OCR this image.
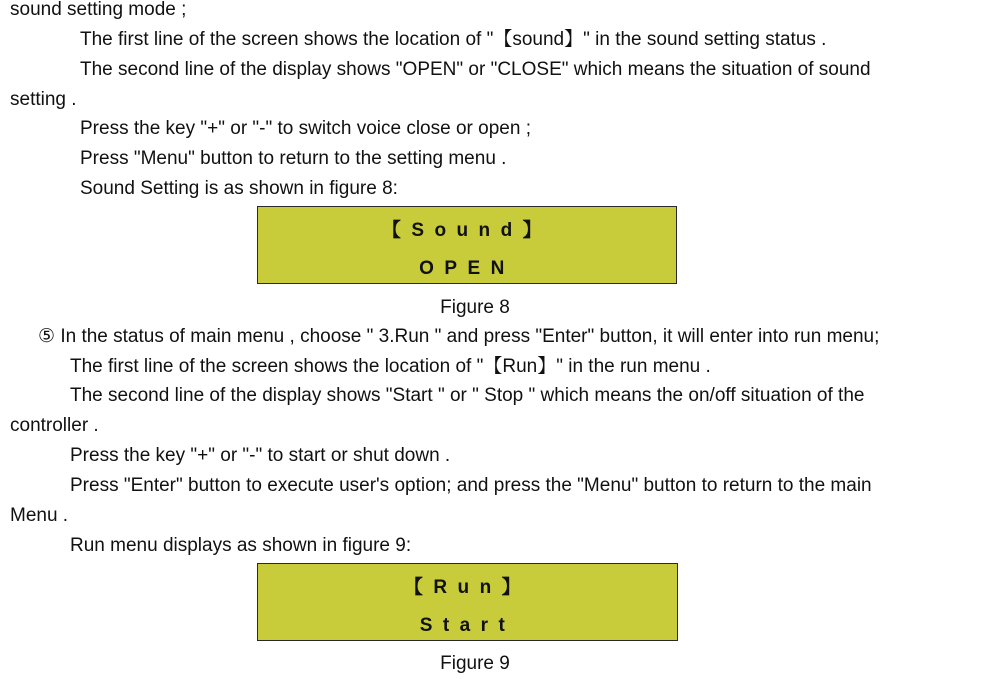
sound setting mode ;
The first line of the screen shows the location of "【sound】" in the sound setting status .
The second line of the display shows "OPEN" or "CLOSE" which means the situation of sound
setting .
Press the key "+" or "-" to switch voice close or open ;
Press "Menu" button to return to the setting menu .
Sound Setting is as shown in figure 8:
【Sound】
OPEN
Figure 8
⑤ In the status of main menu , choose " 3.Run " and press "Enter" button, it will enter into run menu;
The first line of the screen shows the location of "【Run】" in the run menu .
The second line of the display shows "Start " or " Stop " which means the on/off situation of the
controller .
Press the key "+" or "-" to start or shut down .
Press "Enter" button to execute user's option; and press the "Menu" button to return to the main
Menu .
Run menu displays as shown in figure 9:
【Run】
Start
Figure 9
